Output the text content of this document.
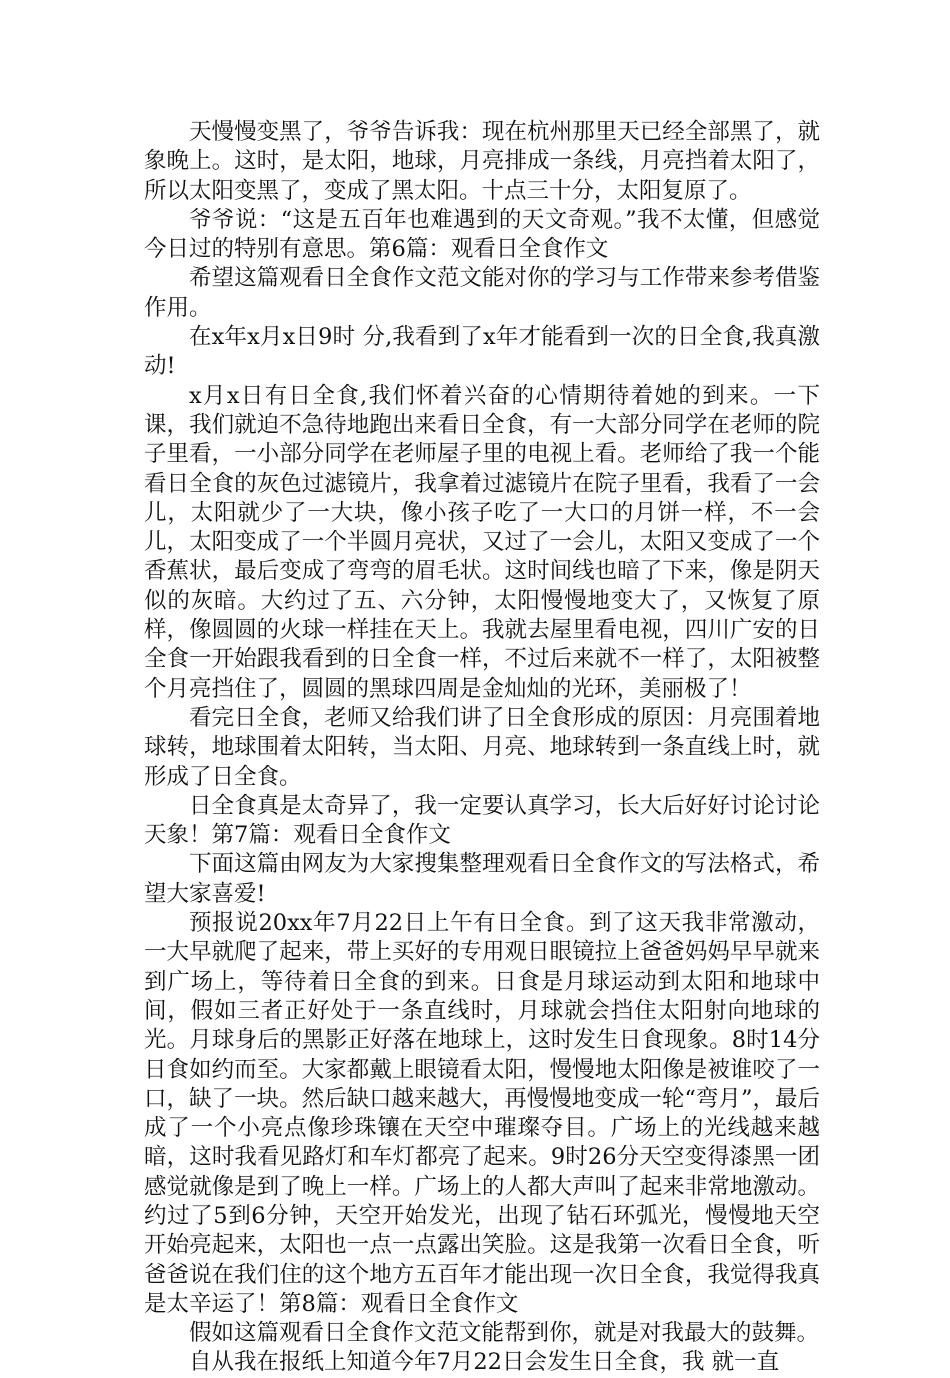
天慢慢变黑了，爷爷告诉我：现在杭州那里天已经全部黑了，就象晚上。这时，是太阳，地球，月亮排成一条线，月亮挡着太阳了，所以太阳变黑了，变成了黑太阳。十点三十分，太阳复原了。

爷爷说：“这是五百年也难遇到的天文奇观。”我不太懂，但感觉今日过的特别有意思。第6篇：观看日全食作文

希望这篇观看日全食作文范文能对你的学习与工作带来参考借鉴作用。

在x年x月x日9时 分,我看到了x年才能看到一次的日全食,我真激动!

x月x日有日全食,我们怀着兴奋的心情期待着她的到来。一下课，我们就迫不急待地跑出来看日全食，有一大部分同学在老师的院子里看，一小部分同学在老师屋子里的电视上看。老师给了我一个能看日全食的灰色过滤镜片，我拿着过滤镜片在院子里看，我看了一会儿，太阳就少了一大块，像小孩子吃了一大口的月饼一样，不一会儿，太阳变成了一个半圆月亮状，又过了一会儿，太阳又变成了一个香蕉状，最后变成了弯弯的眉毛状。这时间线也暗了下来，像是阴天似的灰暗。大约过了五、六分钟，太阳慢慢地变大了，又恢复了原样，像圆圆的火球一样挂在天上。我就去屋里看电视，四川广安的日全食一开始跟我看到的日全食一样，不过后来就不一样了，太阳被整个月亮挡住了，圆圆的黑球四周是金灿灿的光环，美丽极了！

看完日全食，老师又给我们讲了日全食形成的原因：月亮围着地球转，地球围着太阳转，当太阳、月亮、地球转到一条直线上时，就形成了日全食。

日全食真是太奇异了，我一定要认真学习，长大后好好讨论讨论天象！第7篇：观看日全食作文

下面这篇由网友为大家搜集整理观看日全食作文的写法格式，希望大家喜爱!

预报说20xx年7月22日上午有日全食。到了这天我非常激动，一大早就爬了起来，带上买好的专用观日眼镜拉上爸爸妈妈早早就来到广场上，等待着日全食的到来。日食是月球运动到太阳和地球中间，假如三者正好处于一条直线时，月球就会挡住太阳射向地球的光。月球身后的黑影正好落在地球上，这时发生日食现象。8时14分日食如约而至。大家都戴上眼镜看太阳，慢慢地太阳像是被谁咬了一口，缺了一块。然后缺口越来越大，再慢慢地变成一轮“弯月”，最后成了一个小亮点像珍珠镶在天空中璀璨夺目。广场上的光线越来越暗，这时我看见路灯和车灯都亮了起来。9时26分天空变得漆黑一团感觉就像是到了晚上一样。广场上的人都大声叫了起来非常地激动。约过了5到6分钟，天空开始发光，出现了钻石环弧光，慢慢地天空开始亮起来，太阳也一点一点露出笑脸。这是我第一次看日全食，听爸爸说在我们住的这个地方五百年才能出现一次日全食，我觉得我真是太辛运了！第8篇：观看日全食作文

假如这篇观看日全食作文范文能帮到你，就是对我最大的鼓舞。

自从我在报纸上知道今年7月22日会发生日全食，我 就一直
